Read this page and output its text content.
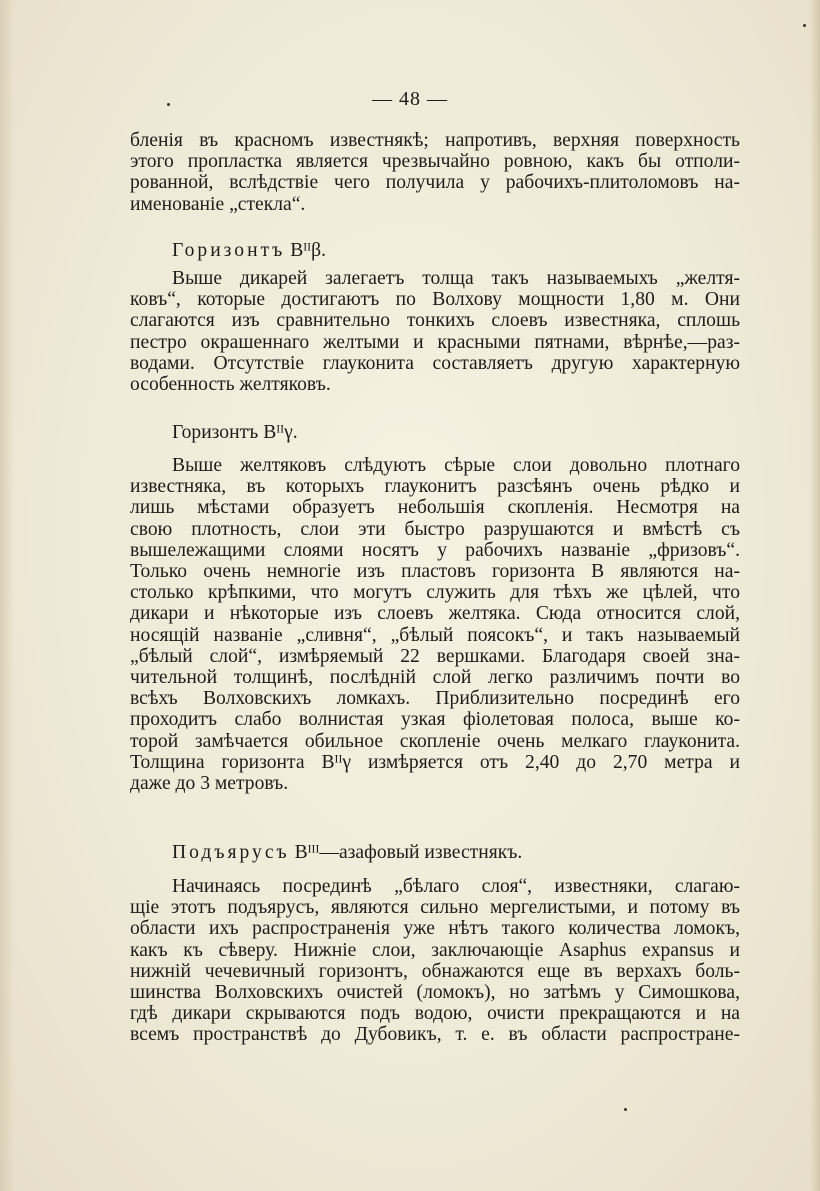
— 48 —
бленія въ красномъ известнякѣ; напротивъ, верхняя поверхность
этого пропластка является чрезвычайно ровною, какъ бы отполи-
рованной, вслѣдствіе чего получила у рабочихъ-плитоломовъ на-
именованіе „стекла“.
Горизонтъ Bᴵᴵβ.
Выше дикарей залегаетъ толща такъ называемыхъ „желтя-
ковъ“, которые достигаютъ по Волхову мощности 1,80 м. Они
слагаются изъ сравнительно тонкихъ слоевъ известняка, сплошь
пестро окрашеннаго желтыми и красными пятнами, вѣрнѣе,—раз-
водами. Отсутствіе глауконита составляетъ другую характерную
особенность желтяковъ.
Горизонтъ Bᴵᴵγ.
Выше желтяковъ слѣдуютъ сѣрые слои довольно плотнаго
известняка, въ которыхъ глауконитъ разсѣянъ очень рѣдко и
лишь мѣстами образуетъ небольшія скопленія. Несмотря на
свою плотность, слои эти быстро разрушаются и вмѣстѣ съ
вышележащими слоями носятъ у рабочихъ названіе „фризовъ“.
Только очень немногіе изъ пластовъ горизонта B являются на-
столько крѣпкими, что могутъ служить для тѣхъ же цѣлей, что
дикари и нѣкоторые изъ слоевъ желтяка. Сюда относится слой,
носящій названіе „сливня“, „бѣлый поясокъ“, и такъ называемый
„бѣлый слой“, измѣряемый 22 вершками. Благодаря своей зна-
чительной толщинѣ, послѣдній слой легко различимъ почти во
всѣхъ Волховскихъ ломкахъ. Приблизительно посрединѣ его
проходитъ слабо волнистая узкая фіолетовая полоса, выше ко-
торой замѣчается обильное скопленіе очень мелкаго глауконита.
Толщина горизонта Bᴵᴵγ измѣряется отъ 2,40 до 2,70 метра и
даже до 3 метровъ.
Подъярусъ Bᴵᴵᴵ—азафовый известнякъ.
Начинаясь посрединѣ „бѣлаго слоя“, известняки, слагаю-
щіе этотъ подъярусъ, являются сильно мергелистыми, и потому въ
области ихъ распространенія уже нѣтъ такого количества ломокъ,
какъ къ сѣверу. Нижніе слои, заключающіе Asaphus expansus и
нижній чечевичный горизонтъ, обнажаются еще въ верхахъ боль-
шинства Волховскихъ очистей (ломокъ), но затѣмъ у Симошкова,
гдѣ дикари скрываются подъ водою, очисти прекращаются и на
всемъ пространствѣ до Дубовикъ, т. е. въ области распростране-
